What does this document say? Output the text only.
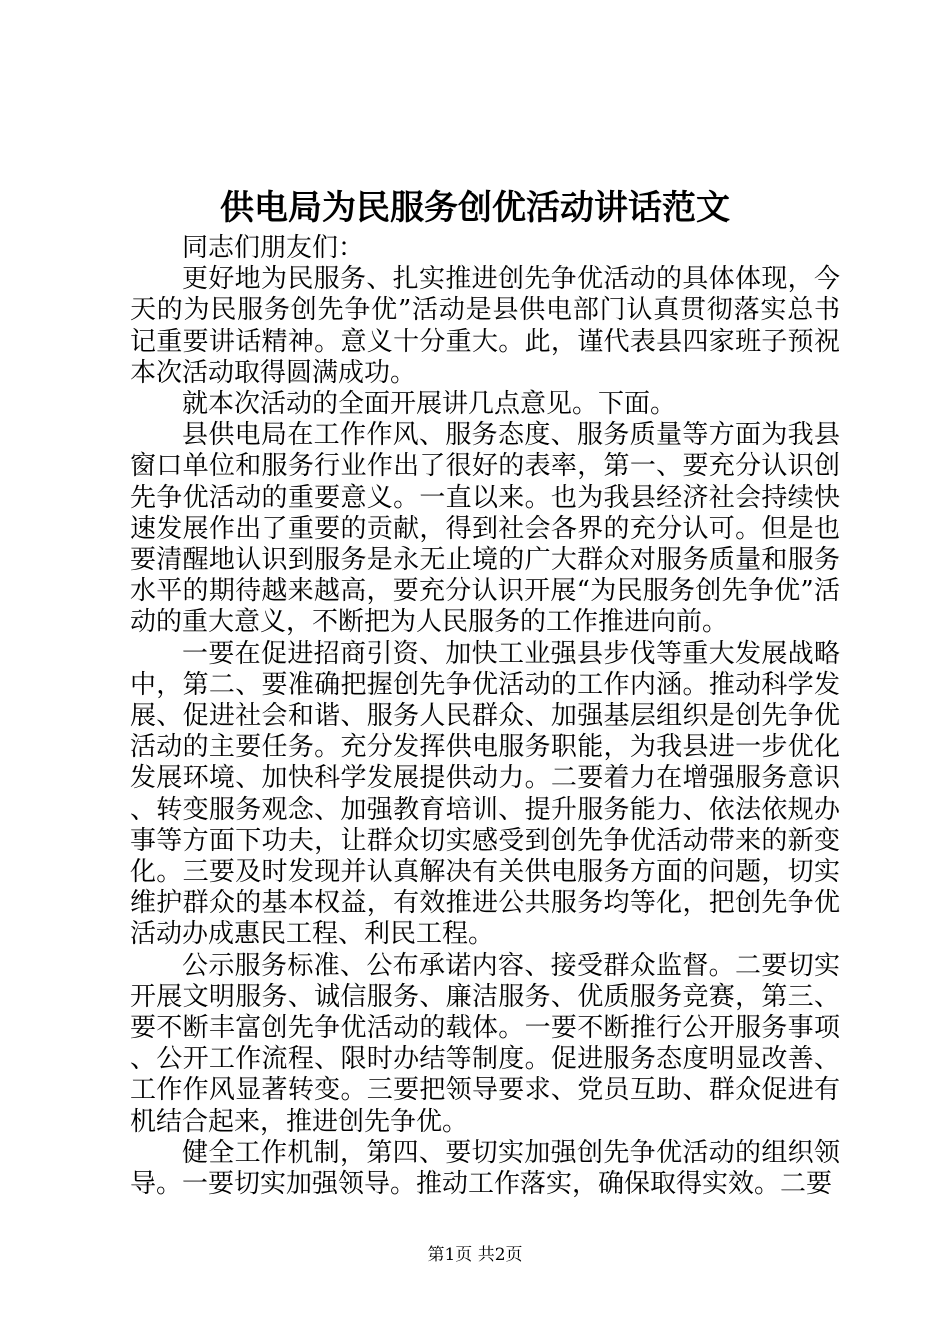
供电局为民服务创优活动讲话范文

同志们朋友们：

更好地为民服务、扎实推进创先争优活动的具体体现，今天的为民服务创先争优”活动是县供电部门认真贯彻落实总书记重要讲话精神。意义十分重大。此，谨代表县四家班子预祝本次活动取得圆满成功。

就本次活动的全面开展讲几点意见。下面。

县供电局在工作作风、服务态度、服务质量等方面为我县窗口单位和服务行业作出了很好的表率，第一、要充分认识创先争优活动的重要意义。一直以来。也为我县经济社会持续快速发展作出了重要的贡献，得到社会各界的充分认可。但是也要清醒地认识到服务是永无止境的广大群众对服务质量和服务水平的期待越来越高，要充分认识开展“为民服务创先争优”活动的重大意义，不断把为人民服务的工作推进向前。

一要在促进招商引资、加快工业强县步伐等重大发展战略中，第二、要准确把握创先争优活动的工作内涵。推动科学发展、促进社会和谐、服务人民群众、加强基层组织是创先争优活动的主要任务。充分发挥供电服务职能，为我县进一步优化发展环境、加快科学发展提供动力。二要着力在增强服务意识、转变服务观念、加强教育培训、提升服务能力、依法依规办事等方面下功夫，让群众切实感受到创先争优活动带来的新变化。三要及时发现并认真解决有关供电服务方面的问题，切实维护群众的基本权益，有效推进公共服务均等化，把创先争优活动办成惠民工程、利民工程。

公示服务标准、公布承诺内容、接受群众监督。二要切实开展文明服务、诚信服务、廉洁服务、优质服务竞赛，第三、要不断丰富创先争优活动的载体。一要不断推行公开服务事项、公开工作流程、限时办结等制度。促进服务态度明显改善、工作作风显著转变。三要把领导要求、党员互助、群众促进有机结合起来，推进创先争优。

健全工作机制，第四、要切实加强创先争优活动的组织领导。一要切实加强领导。推动工作落实，确保取得实效。二要

第1页 共2页
